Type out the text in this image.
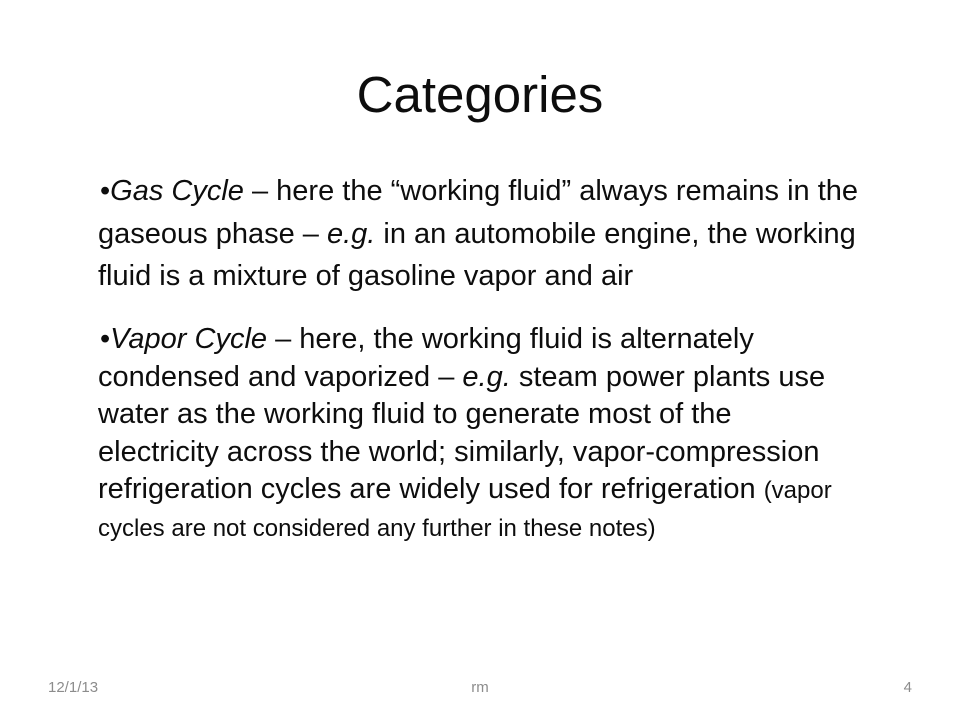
Categories
•Gas Cycle – here the “working fluid” always remains in the
gaseous phase – e.g. in an automobile engine, the working
fluid is a mixture of gasoline vapor and air
•Vapor Cycle – here, the working fluid is alternately
condensed and vaporized – e.g. steam power plants use
water as the working fluid to generate most of the
electricity across the world; similarly, vapor-compression
refrigeration cycles are widely used for refrigeration (vapor
cycles are not considered any further in these notes)
12/1/13	rm	4
